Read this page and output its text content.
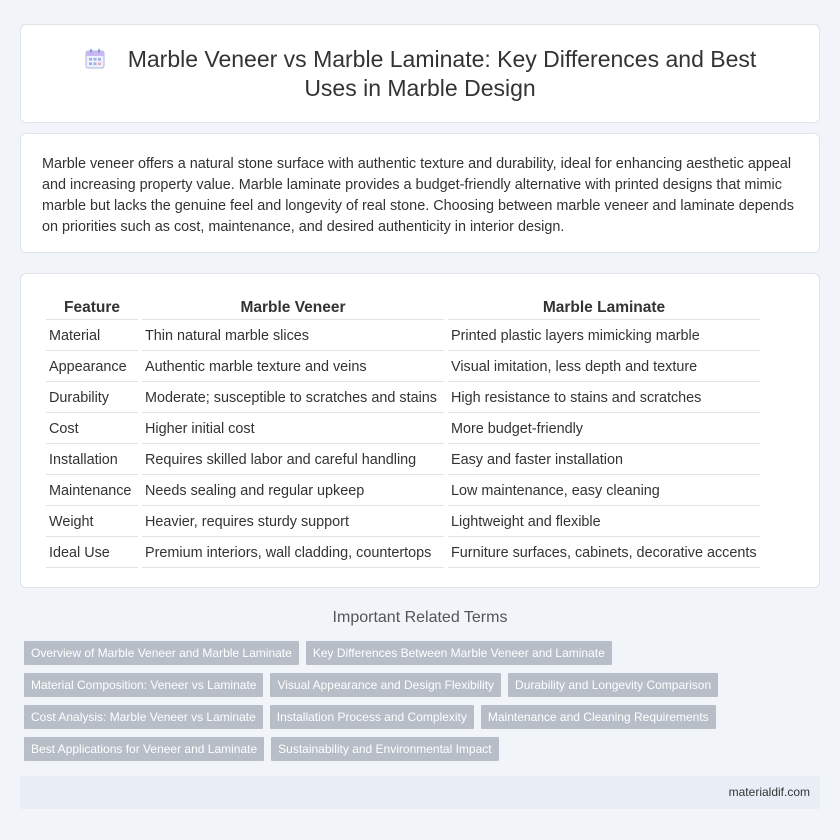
Marble Veneer vs Marble Laminate: Key Differences and Best Uses in Marble Design

Marble veneer offers a natural stone surface with authentic texture and durability, ideal for enhancing aesthetic appeal and increasing property value. Marble laminate provides a budget-friendly alternative with printed designs that mimic marble but lacks the genuine feel and longevity of real stone. Choosing between marble veneer and laminate depends on priorities such as cost, maintenance, and desired authenticity in interior design.

Feature	Marble Veneer	Marble Laminate
Material	Thin natural marble slices	Printed plastic layers mimicking marble
Appearance	Authentic marble texture and veins	Visual imitation, less depth and texture
Durability	Moderate; susceptible to scratches and stains	High resistance to stains and scratches
Cost	Higher initial cost	More budget-friendly
Installation	Requires skilled labor and careful handling	Easy and faster installation
Maintenance	Needs sealing and regular upkeep	Low maintenance, easy cleaning
Weight	Heavier, requires sturdy support	Lightweight and flexible
Ideal Use	Premium interiors, wall cladding, countertops	Furniture surfaces, cabinets, decorative accents
Important Related Terms
Overview of Marble Veneer and Marble Laminate	Key Differences Between Marble Veneer and Laminate
Material Composition: Veneer vs Laminate	Visual Appearance and Design Flexibility	Durability and Longevity Comparison
Cost Analysis: Marble Veneer vs Laminate	Installation Process and Complexity	Maintenance and Cleaning Requirements
Best Applications for Veneer and Laminate	Sustainability and Environmental Impact
materialdif.com
